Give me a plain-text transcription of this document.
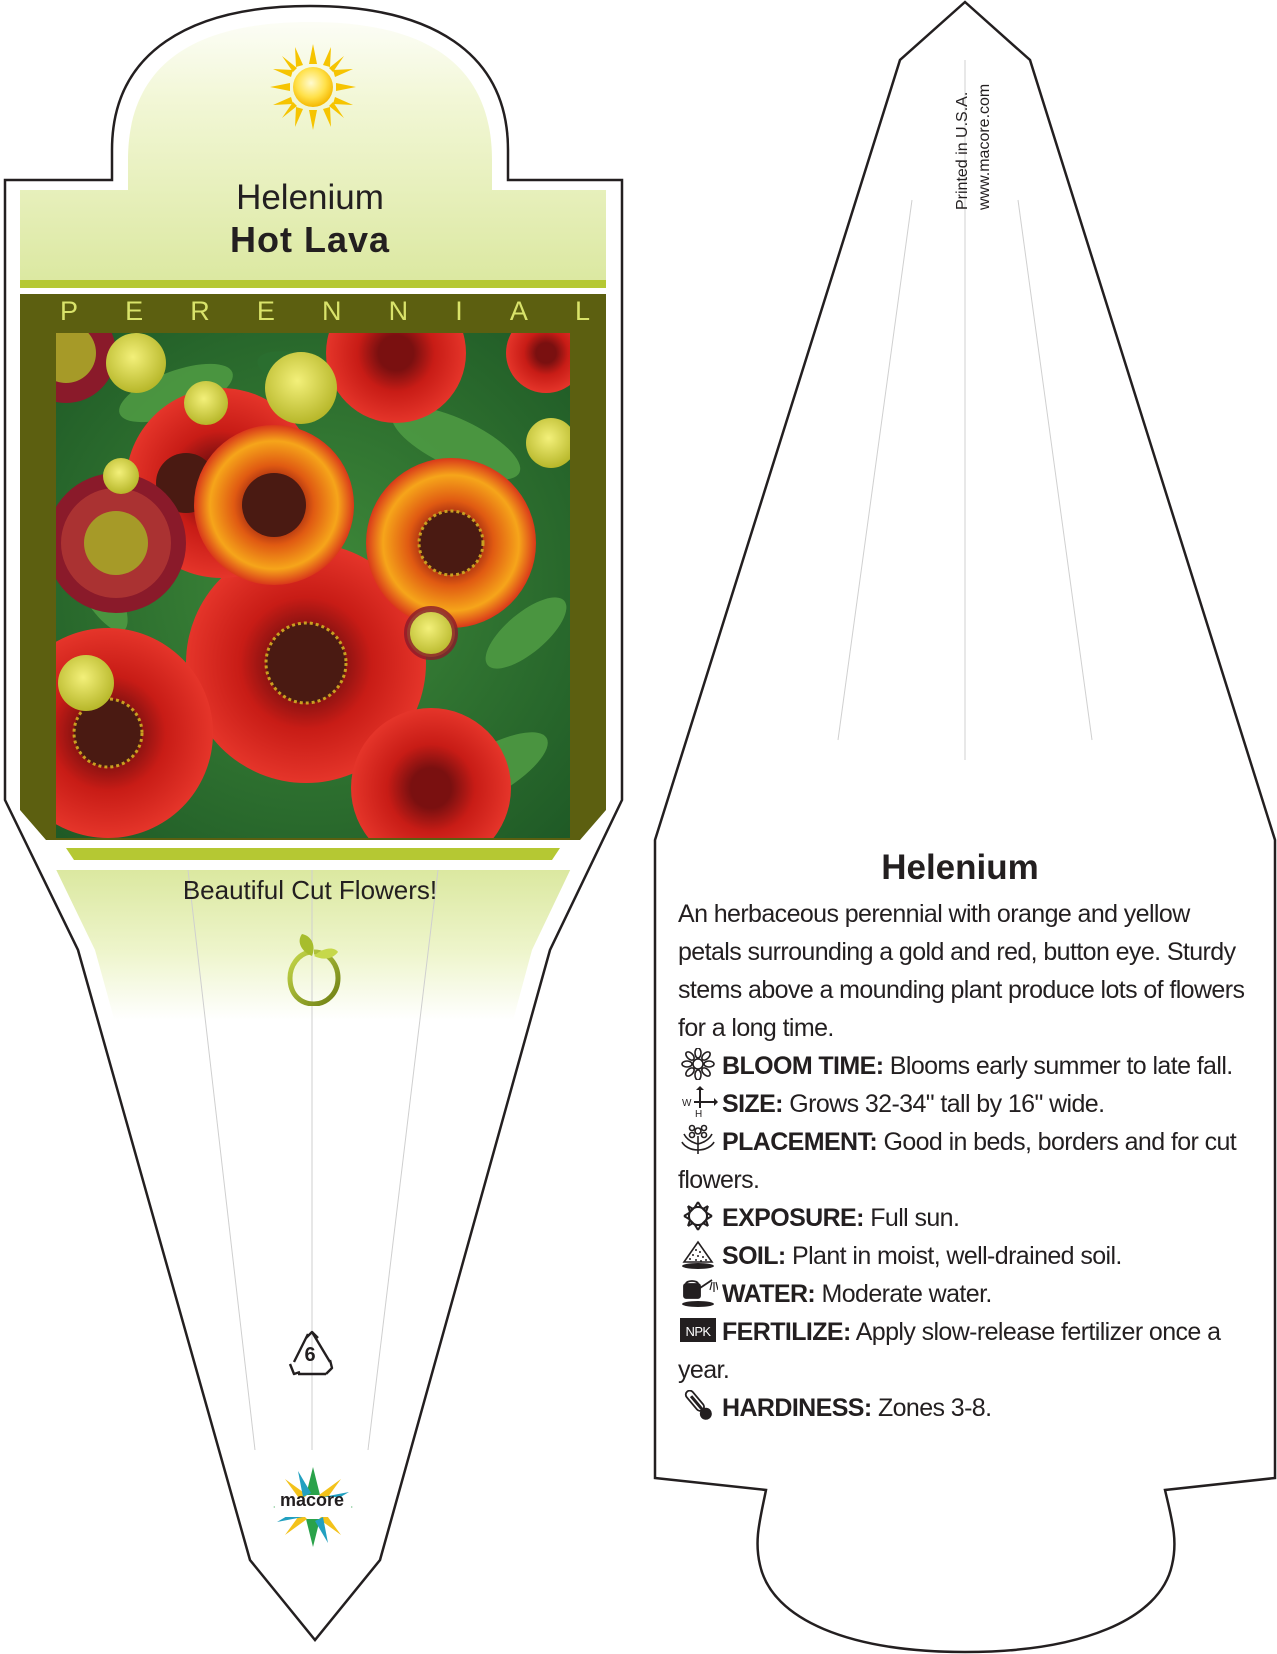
Helenium
Hot Lava
P E R E N N I A L
Beautiful Cut Flowers!
6
macore
Printed in U.S.A. www.macore.com
Helenium

An herbaceous perennial with orange and yellow petals surrounding a gold and red, button eye. Sturdy stems above a mounding plant produce lots of flowers for a long time.

BLOOM TIME: Blooms early summer to late fall.

W
H SIZE: Grows 32-34" tall by 16" wide.

PLACEMENT: Good in beds, borders and for cut flowers.

EXPOSURE: Full sun.

SOIL: Plant in moist, well-drained soil.

WATER: Moderate water.

NPK FERTILIZE: Apply slow-release fertilizer once a year.

HARDINESS: Zones 3-8.
